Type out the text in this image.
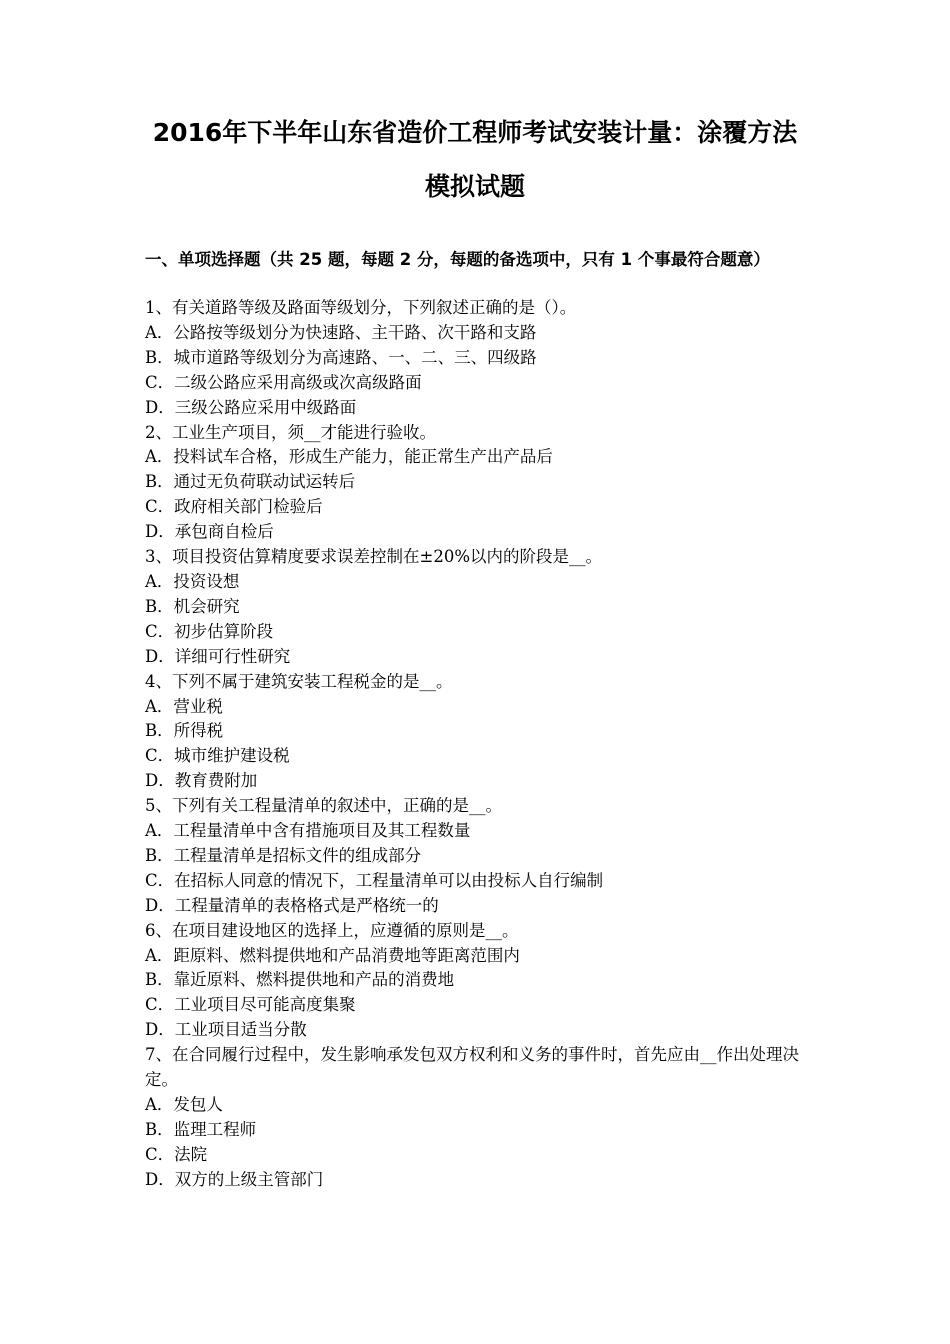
2016年下半年山东省造价工程师考试安装计量：涂覆方法
模拟试题
一、单项选择题（共 25 题，每题 2 分，每题的备选项中，只有 1 个事最符合题意）
1、有关道路等级及路面等级划分，下列叙述正确的是（）。
A．公路按等级划分为快速路、主干路、次干路和支路
B．城市道路等级划分为高速路、一、二、三、四级路
C．二级公路应采用高级或次高级路面
D．三级公路应采用中级路面
2、工业生产项目，须__才能进行验收。
A．投料试车合格，形成生产能力，能正常生产出产品后
B．通过无负荷联动试运转后
C．政府相关部门检验后
D．承包商自检后
3、项目投资估算精度要求误差控制在±20%以内的阶段是__。
A．投资设想
B．机会研究
C．初步估算阶段
D．详细可行性研究
4、下列不属于建筑安装工程税金的是__。
A．营业税
B．所得税
C．城市维护建设税
D．教育费附加
5、下列有关工程量清单的叙述中，正确的是__。
A．工程量清单中含有措施项目及其工程数量
B．工程量清单是招标文件的组成部分
C．在招标人同意的情况下，工程量清单可以由投标人自行编制
D．工程量清单的表格格式是严格统一的
6、在项目建设地区的选择上，应遵循的原则是__。
A．距原料、燃料提供地和产品消费地等距离范围内
B．靠近原料、燃料提供地和产品的消费地
C．工业项目尽可能高度集聚
D．工业项目适当分散
7、在合同履行过程中，发生影响承发包双方权利和义务的事件时，首先应由__作出处理决定。
A．发包人
B．监理工程师
C．法院
D．双方的上级主管部门
